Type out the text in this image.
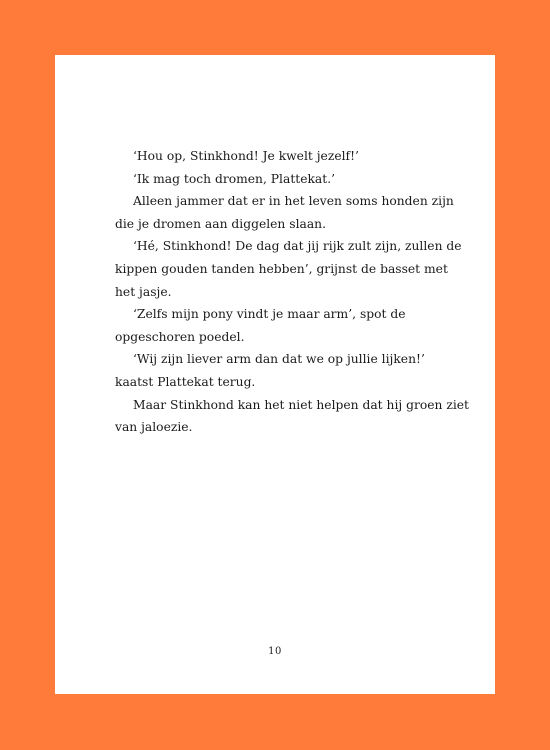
‘Hou op, Stinkhond! Je kwelt jezelf!’

‘Ik mag toch dromen, Plattekat.’

Alleen jammer dat er in het leven soms honden zijn

die je dromen aan diggelen slaan.

‘Hé, Stinkhond! De dag dat jij rijk zult zijn, zullen de

kippen gouden tanden hebben’, grijnst de basset met

het jasje.

‘Zelfs mijn pony vindt je maar arm’, spot de

opgeschoren poedel.

‘Wij zijn liever arm dan dat we op jullie lijken!’

kaatst Plattekat terug.

Maar Stinkhond kan het niet helpen dat hij groen ziet

van jaloezie.

10
